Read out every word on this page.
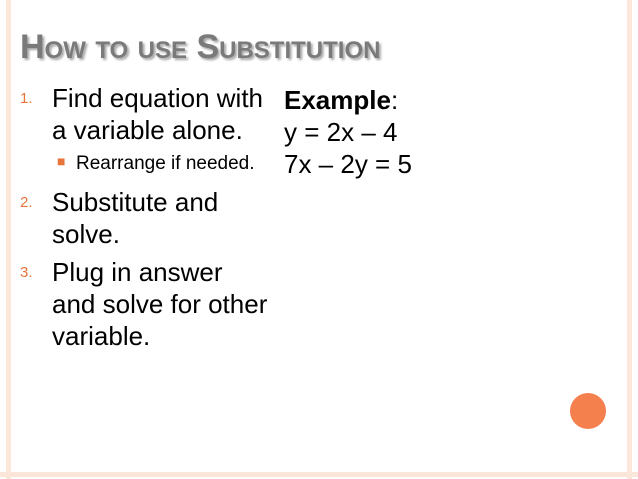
How to use Substitution
1. Find equation with a variable alone.
■ Rearrange if needed.
2. Substitute and solve.
3. Plug in answer and solve for other variable.
Example:
y = 2x – 4
7x – 2y = 5
